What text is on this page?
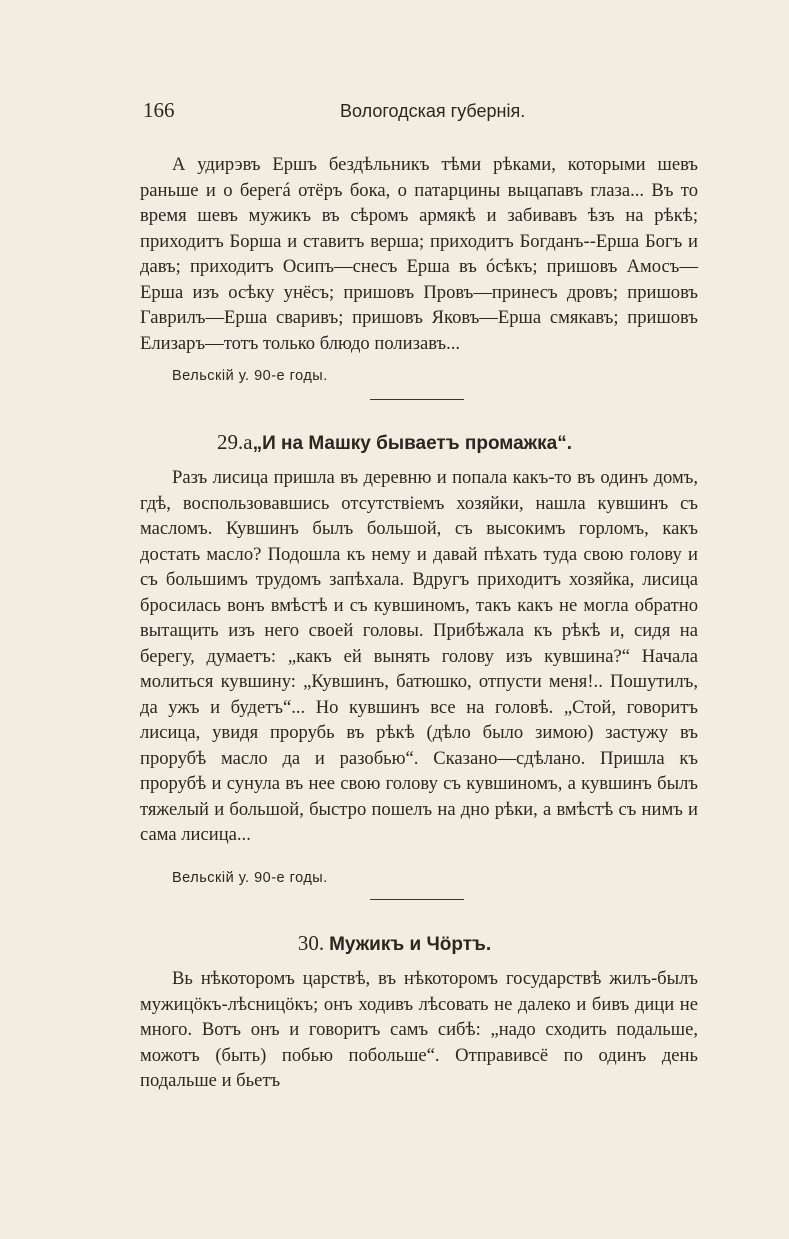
166	Вологодская губернія.

А удирэвъ Ершъ бездѣльникъ тѣми рѣками, которыми шевъ раньше и о берегá отёръ бока, о патарцины выцапавъ глаза... Въ то время шевъ мужикъ въ сѣромъ армякѣ и забивавъ ѣзъ на рѣкѣ; приходитъ Борша и ставитъ верша; приходитъ Богданъ--Ерша Богъ и давъ; приходитъ Осипъ—снесъ Ерша въ óсѣкъ; пришовъ Амосъ—Ерша изъ осѣку унёсъ; пришовъ Провъ—принесъ дровъ; пришовъ Гаврилъ—Ерша сваривъ; пришовъ Яковъ—Ерша смякавъ; пришовъ Елизаръ—тотъ только блюдо полизавъ...

Вельскій у. 90-е годы.
29.а„И на Машку бываетъ промажка“.

Разъ лисица пришла въ деревню и попала какъ-то въ одинъ домъ, гдѣ, воспользовавшись отсутствіемъ хозяйки, нашла кувшинъ съ масломъ. Кувшинъ былъ большой, съ высокимъ горломъ, какъ достать масло? Подошла къ нему и давай пѣхать туда свою голову и съ большимъ трудомъ запѣхала. Вдругъ приходитъ хозяйка, лисица бросилась вонъ вмѣстѣ и съ кувшиномъ, такъ какъ не могла обратно вытащить изъ него своей головы. Прибѣжала къ рѣкѣ и, сидя на берегу, думаетъ: „какъ ей вынять голову изъ кувшина?“ Начала молиться кувшину: „Кувшинъ, батюшко, отпусти меня!.. Пошутилъ, да ужъ и будетъ“... Но кувшинъ все на головѣ. „Стой, говоритъ лисица, увидя прорубь въ рѣкѣ (дѣло было зимою) застужу въ прорубѣ масло да и разобью“. Сказано—сдѣлано. Пришла къ прорубѣ и сунула въ нее свою голову съ кувшиномъ, а кувшинъ былъ тяжелый и большой, быстро пошелъ на дно рѣки, а вмѣстѣ съ нимъ и сама лисица...

Вельскій у. 90-е годы.
30. Мужикъ и Чöртъ.

Вь нѣкоторомъ царствѣ, въ нѣкоторомъ государствѣ жилъ-былъ мужицöкъ-лѣсницöкъ; онъ ходивъ лѣсовать не далеко и бивъ дици не много. Вотъ онъ и говоритъ самъ сибѣ: „надо сходить подальше, можотъ (быть) побью побольше“. Отправивсё по одинъ день подальше и бьетъ
